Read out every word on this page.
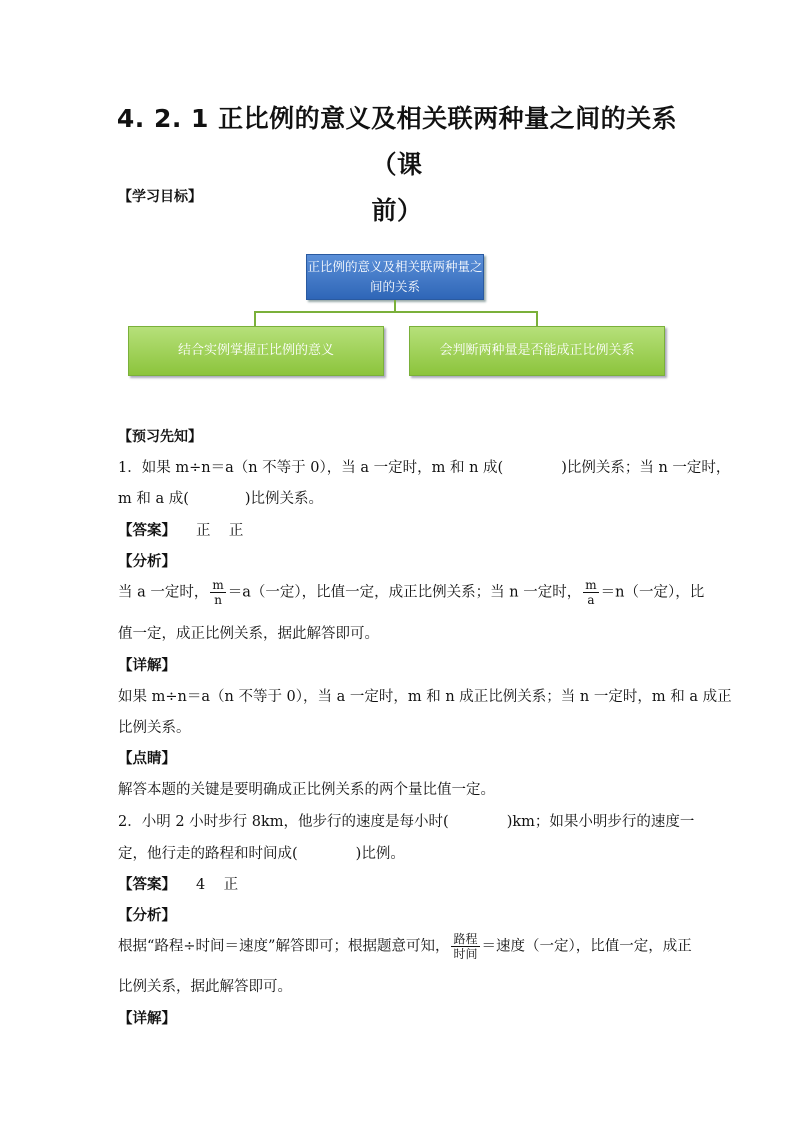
4. 2. 1 正比例的意义及相关联两种量之间的关系（课
前）
【学习目标】
正比例的意义及相关联两种量之间的关系
结合实例掌握正比例的意义	会判断两种量是否能成正比例关系
【预习先知】
1．如果 m÷n＝a（n 不等于 0），当 a 一定时，m 和 n 成(	)比例关系；当 n 一定时，
m 和 a 成(	)比例关系。
【答案】 正    正
【分析】
当 a 一定时， $\frac{m}{n} =a$（一定），比值一定，成正比例关系；当 n 一定时， $\frac{m}{a} =n$（一定），比
值一定，成正比例关系，据此解答即可。
【详解】
如果 m÷n＝a（n 不等于 0），当 a 一定时，m 和 n 成正比例关系；当 n 一定时，m 和 a 成正
比例关系。
【点睛】
解答本题的关键是要明确成正比例关系的两个量比值一定。
2．小明 2 小时步行 8km，他步行的速度是每小时(	)km；如果小明步行的速度一
定，他行走的路程和时间成(	)比例。
【答案】 4    正
【分析】
根据“路程÷时间＝速度”解答即可；根据题意可知， $\frac{\text{路程}}{\text{时间}}$ ＝速度（一定），比值一定，成正
比例关系，据此解答即可。
【详解】
